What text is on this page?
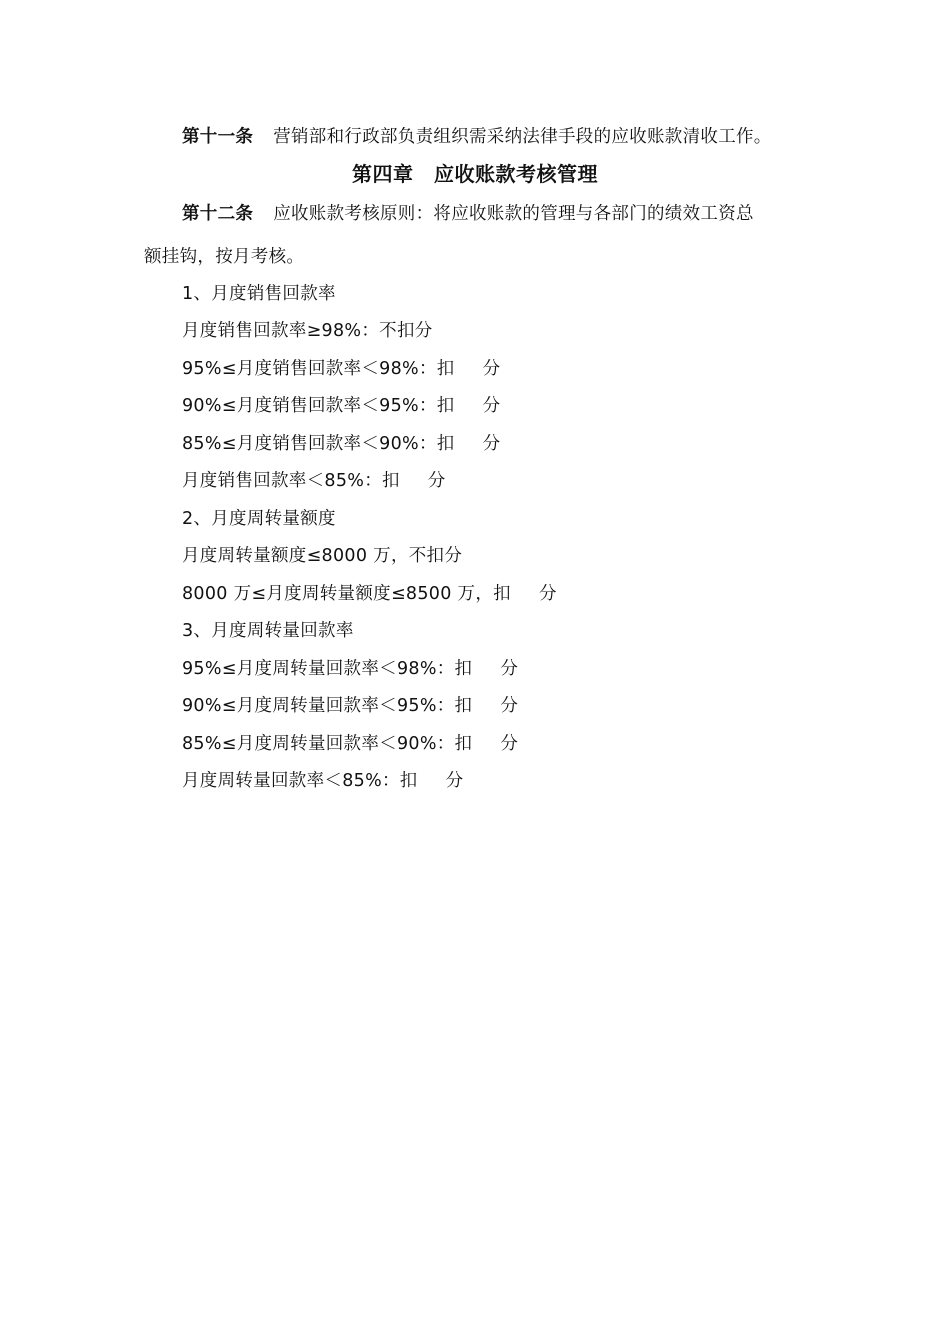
第十一条 营销部和行政部负责组织需采纳法律手段的应收账款清收工作。
第四章　应收账款考核管理
第十二条 应收账款考核原则：将应收账款的管理与各部门的绩效工资总
额挂钩，按月考核。
1、月度销售回款率
月度销售回款率≥98%：不扣分
95%≤月度销售回款率＜98%：扣 分
90%≤月度销售回款率＜95%：扣 分
85%≤月度销售回款率＜90%：扣 分
月度销售回款率＜85%：扣 分
2、月度周转量额度
月度周转量额度≤8000 万，不扣分
8000 万≤月度周转量额度≤8500 万，扣 分
3、月度周转量回款率
95%≤月度周转量回款率＜98%：扣 分
90%≤月度周转量回款率＜95%：扣 分
85%≤月度周转量回款率＜90%：扣 分
月度周转量回款率＜85%：扣 分
